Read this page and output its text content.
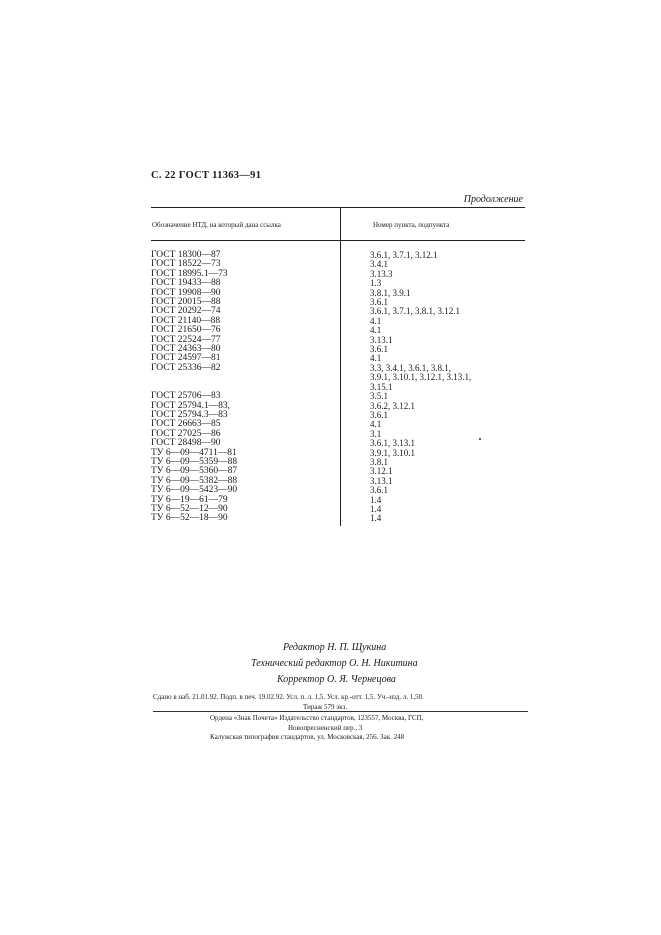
С. 22 ГОСТ 11363—91
Продолжение
Обозначение НТД, на который дана ссылка	Номер пункта, подпункта
ГОСТ 18300—87	3.6.1, 3.7.1, 3.12.1
ГОСТ 18522—73	3.4.1
ГОСТ 18995.1—73	3.13.3
ГОСТ 19433—88	1.3
ГОСТ 19908—90	3.8.1, 3.9.1
ГОСТ 20015—88	3.6.1
ГОСТ 20292—74	3.6.1, 3.7.1, 3.8.1, 3.12.1
ГОСТ 21140—88	4.1
ГОСТ 21650—76	4.1
ГОСТ 22524—77	3.13.1
ГОСТ 24363—80	3.6.1
ГОСТ 24597—81	4.1
ГОСТ 25336—82	3.3, 3.4.1, 3.6.1, 3.8.1,
3.9.1, 3.10.1, 3.12.1, 3.13.1,
3.15.1
ГОСТ 25706—83	3.5.1
ГОСТ 25794.1—83,	3.6.2, 3.12.1
ГОСТ 25794.3—83	3.6.1
ГОСТ 26663—85	4.1
ГОСТ 27025—86	3.1
ГОСТ 28498—90	3.6.1, 3.13.1
ТУ 6—09—4711—81	3.9.1, 3.10.1
ТУ 6—09—5359—88	3.8.1
ТУ 6—09—5360—87	3.12.1
ТУ 6—09—5382—88	3.13.1
ТУ 6—09—5423—90	3.6.1
ТУ 6—19—61—79	1.4
ТУ 6—52—12—90	1.4
ТУ 6—52—18—90	1.4
Редактор Н. П. Щукина
Технический редактор О. Н. Никитина
Корректор О. Я. Чернецова
Сдано в наб. 21.01.92. Подп. в печ. 19.02.92. Усл. п. л. 1,5. Усл. кр.-отт. 1,5. Уч.-изд. л. 1,50.
Тираж 579 экз.
Ордена «Знак Почета» Издательство стандартов, 123557, Москва, ГСП,
Новопресненский пер., 3
Калужская типография стандартов, ул. Московская, 256. Зак. 248
